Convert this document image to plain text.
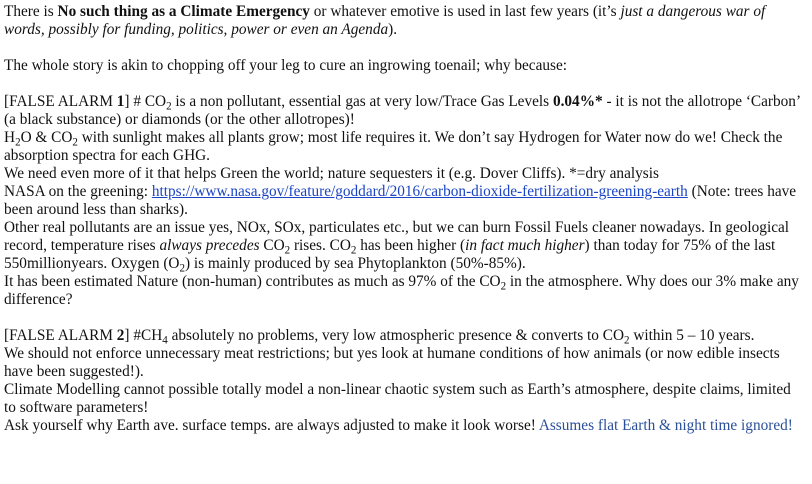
There is No such thing as a Climate Emergency or whatever emotive is used in last few years (it’s just a dangerous war of words, possibly for funding, politics, power or even an Agenda).

The whole story is akin to chopping off your leg to cure an ingrowing toenail; why because:

[FALSE ALARM 1] # $CO_2$ is a non pollutant, essential gas at very low/Trace Gas Levels 0.04%* - it is not the allotrope ‘Carbon’ (a black substance) or diamonds (or the other allotropes)!

$H_2O$ & $CO_2$ with sunlight makes all plants grow; most life requires it. We don’t say Hydrogen for Water now do we! Check the absorption spectra for each GHG.

We need even more of it that helps Green the world; nature sequesters it (e.g. Dover Cliffs). *=dry analysis

NASA on the greening: https://www.nasa.gov/feature/goddard/2016/carbon-dioxide-fertilization-greening-earth (Note: trees have been around less than sharks).

Other real pollutants are an issue yes, NOx, SOx, particulates etc., but we can burn Fossil Fuels cleaner nowadays. In geological record, temperature rises always precedes $CO_2$ rises. $CO_2$ has been higher (in fact much higher) than today for 75% of the last 550millionyears. Oxygen $(O_2)$ is mainly produced by sea Phytoplankton (50%-85%).

It has been estimated Nature (non-human) contributes as much as 97% of the $CO_2$ in the atmosphere. Why does our 3% make any difference?

[FALSE ALARM 2] $\#CH_4$ absolutely no problems, very low atmospheric presence & converts to $CO_2$ within 5 – 10 years.

We should not enforce unnecessary meat restrictions; but yes look at humane conditions of how animals (or now edible insects have been suggested!).

Climate Modelling cannot possible totally model a non-linear chaotic system such as Earth’s atmosphere, despite claims, limited to software parameters!

Ask yourself why Earth ave. surface temps. are always adjusted to make it look worse! Assumes flat Earth & night time ignored!
